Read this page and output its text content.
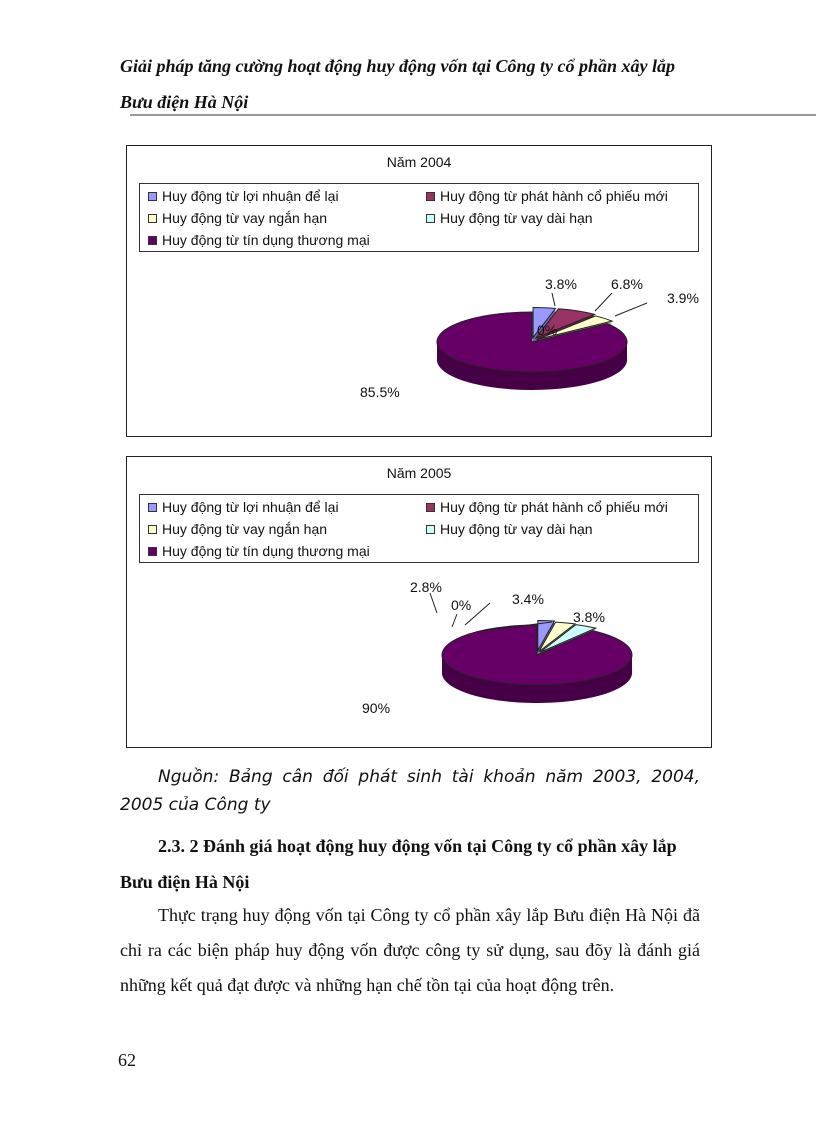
Giải pháp tăng cường hoạt động huy động vốn tại Công ty cổ phần xây lắp
Bưu điện Hà Nội
Năm 2004
Huy động từ lợi nhuận để lại	Huy động từ phát hành cổ phiếu mới
Huy động từ vay ngắn hạn	Huy động từ vay dài hạn
Huy động từ tín dụng thương mại
3.8% 6.8%
3.9%
0%
85.5%
Năm 2005
Huy động từ lợi nhuận để lại	Huy động từ phát hành cổ phiếu mới
Huy động từ vay ngắn hạn	Huy động từ vay dài hạn
Huy động từ tín dụng thương mại
2.8%
0%	3.4%
3.8%
90%
Nguồn: Bảng cân đối phát sinh tài khoản năm 2003, 2004, 2005 của Công ty
2.3. 2 Đánh giá hoạt động huy động vốn tại Công ty cổ phần xây lắp Bưu điện Hà Nội
Thực trạng huy động vốn tại Công ty cổ phần xây lắp Bưu điện Hà Nội đã chỉ ra các biện pháp huy động vốn được công ty sử dụng, sau đõy là đánh giá những kết quả đạt được và những hạn chế tồn tại của hoạt động trên.
62
